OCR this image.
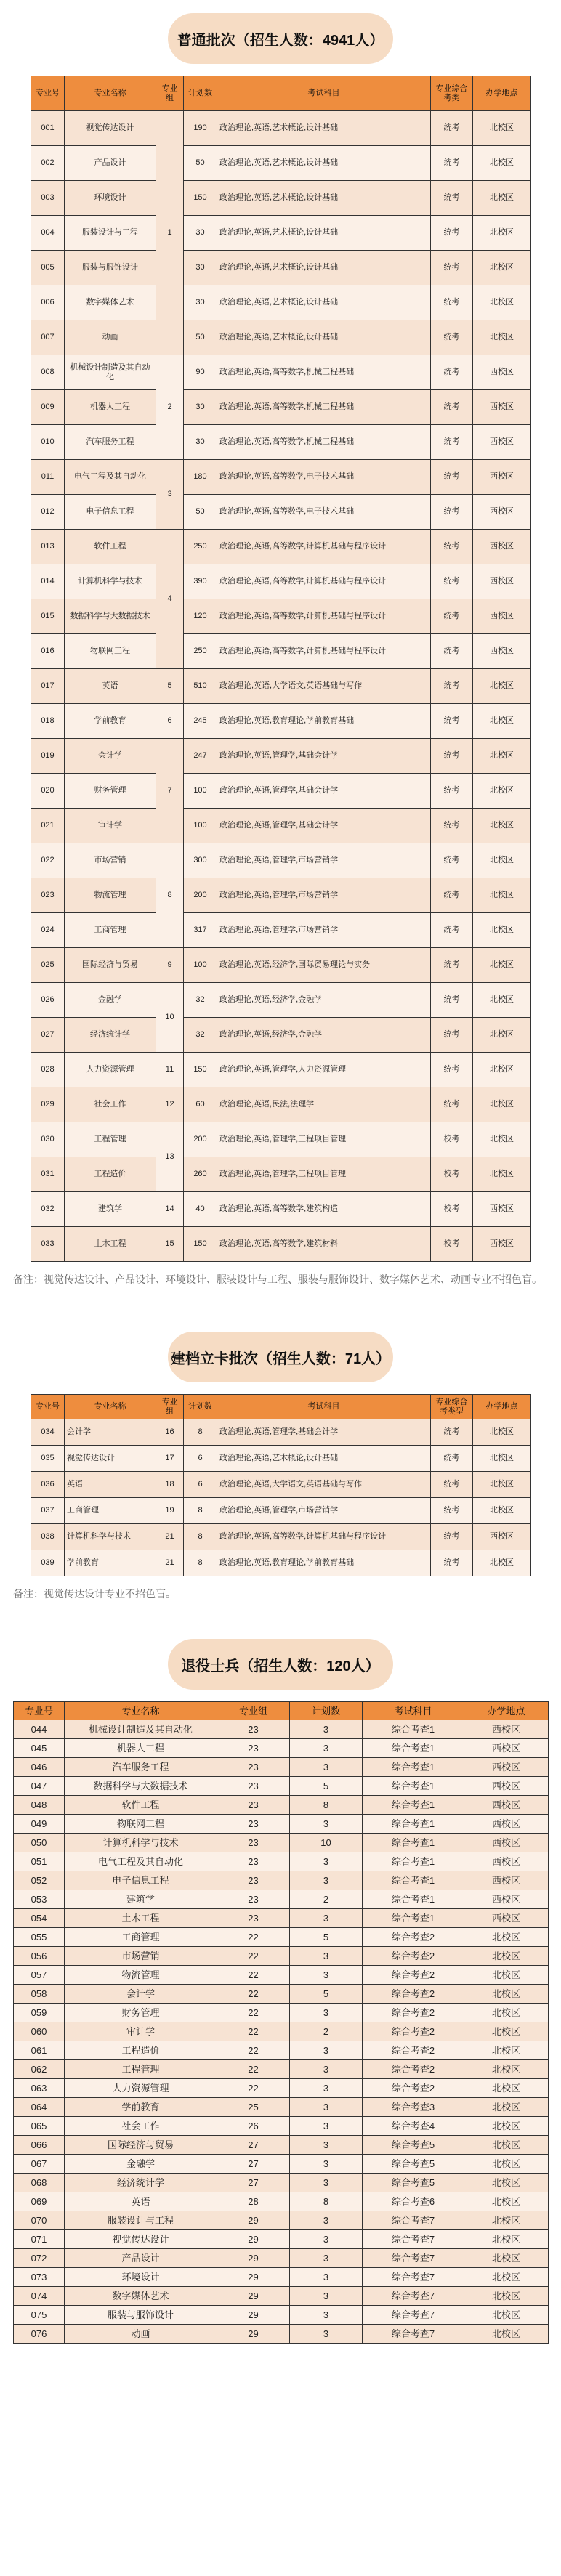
普通批次（招生人数：4941人）
专业号	专业名称	专业组	计划数	考试科目	专业综合考类	办学地点
001	视觉传达设计	1	190	政治理论,英语,艺术概论,设计基础	统考	北校区
002	产品设计		50	政治理论,英语,艺术概论,设计基础	统考	北校区
003	环境设计		150	政治理论,英语,艺术概论,设计基础	统考	北校区
004	服装设计与工程		30	政治理论,英语,艺术概论,设计基础	统考	北校区
005	服装与服饰设计		30	政治理论,英语,艺术概论,设计基础	统考	北校区
006	数字媒体艺术		30	政治理论,英语,艺术概论,设计基础	统考	北校区
007	动画		50	政治理论,英语,艺术概论,设计基础	统考	北校区
008	机械设计制造及其自动化	2	90	政治理论,英语,高等数学,机械工程基础	统考	西校区
009	机器人工程		30	政治理论,英语,高等数学,机械工程基础	统考	西校区
010	汽车服务工程		30	政治理论,英语,高等数学,机械工程基础	统考	西校区
011	电气工程及其自动化	3	180	政治理论,英语,高等数学,电子技术基础	统考	西校区
012	电子信息工程		50	政治理论,英语,高等数学,电子技术基础	统考	西校区
013	软件工程	4	250	政治理论,英语,高等数学,计算机基础与程序设计	统考	西校区
014	计算机科学与技术		390	政治理论,英语,高等数学,计算机基础与程序设计	统考	西校区
015	数据科学与大数据技术		120	政治理论,英语,高等数学,计算机基础与程序设计	统考	西校区
016	物联网工程		250	政治理论,英语,高等数学,计算机基础与程序设计	统考	西校区
017	英语	5	510	政治理论,英语,大学语文,英语基础与写作	统考	北校区
018	学前教育	6	245	政治理论,英语,教育理论,学前教育基础	统考	北校区
019	会计学	7	247	政治理论,英语,管理学,基础会计学	统考	北校区
020	财务管理		100	政治理论,英语,管理学,基础会计学	统考	北校区
021	审计学		100	政治理论,英语,管理学,基础会计学	统考	北校区
022	市场营销	8	300	政治理论,英语,管理学,市场营销学	统考	北校区
023	物流管理		200	政治理论,英语,管理学,市场营销学	统考	北校区
024	工商管理		317	政治理论,英语,管理学,市场营销学	统考	北校区
025	国际经济与贸易	9	100	政治理论,英语,经济学,国际贸易理论与实务	统考	北校区
026	金融学	10	32	政治理论,英语,经济学,金融学	统考	北校区
027	经济统计学		32	政治理论,英语,经济学,金融学	统考	北校区
028	人力资源管理	11	150	政治理论,英语,管理学,人力资源管理	统考	北校区
029	社会工作	12	60	政治理论,英语,民法,法理学	统考	北校区
030	工程管理	13	200	政治理论,英语,管理学,工程项目管理	校考	北校区
031	工程造价		260	政治理论,英语,管理学,工程项目管理	校考	北校区
032	建筑学	14	40	政治理论,英语,高等数学,建筑构造	校考	西校区
033	土木工程	15	150	政治理论,英语,高等数学,建筑材料	校考	西校区
备注：视觉传达设计、产品设计、环境设计、服装设计与工程、服装与服饰设计、数字媒体艺术、动画专业不招色盲。
建档立卡批次（招生人数：71人）
专业号	专业名称	专业组	计划数	考试科目	专业综合考类型	办学地点
034	会计学	16	8	政治理论,英语,管理学,基础会计学	统考	北校区
035	视觉传达设计	17	6	政治理论,英语,艺术概论,设计基础	统考	北校区
036	英语	18	6	政治理论,英语,大学语文,英语基础与写作	统考	北校区
037	工商管理	19	8	政治理论,英语,管理学,市场营销学	统考	北校区
038	计算机科学与技术	21	8	政治理论,英语,高等数学,计算机基础与程序设计	统考	西校区
039	学前教育	21	8	政治理论,英语,教育理论,学前教育基础	统考	北校区
备注：视觉传达设计专业不招色盲。
退役士兵（招生人数：120人）
专业号	专业名称	专业组	计划数	考试科目	办学地点
044	机械设计制造及其自动化	23	3	综合考查1	西校区
045	机器人工程	23	3	综合考查1	西校区
046	汽车服务工程	23	3	综合考查1	西校区
047	数据科学与大数据技术	23	5	综合考查1	西校区
048	软件工程	23	8	综合考查1	西校区
049	物联网工程	23	3	综合考查1	西校区
050	计算机科学与技术	23	10	综合考查1	西校区
051	电气工程及其自动化	23	3	综合考查1	西校区
052	电子信息工程	23	3	综合考查1	西校区
053	建筑学	23	2	综合考查1	西校区
054	土木工程	23	3	综合考查1	西校区
055	工商管理	22	5	综合考查2	北校区
056	市场营销	22	3	综合考查2	北校区
057	物流管理	22	3	综合考查2	北校区
058	会计学	22	5	综合考查2	北校区
059	财务管理	22	3	综合考查2	北校区
060	审计学	22	2	综合考查2	北校区
061	工程造价	22	3	综合考查2	北校区
062	工程管理	22	3	综合考查2	北校区
063	人力资源管理	22	3	综合考查2	北校区
064	学前教育	25	3	综合考查3	北校区
065	社会工作	26	3	综合考查4	北校区
066	国际经济与贸易	27	3	综合考查5	北校区
067	金融学	27	3	综合考查5	北校区
068	经济统计学	27	3	综合考查5	北校区
069	英语	28	8	综合考查6	北校区
070	服装设计与工程	29	3	综合考查7	北校区
071	视觉传达设计	29	3	综合考查7	北校区
072	产品设计	29	3	综合考查7	北校区
073	环境设计	29	3	综合考查7	北校区
074	数字媒体艺术	29	3	综合考查7	北校区
075	服装与服饰设计	29	3	综合考查7	北校区
076	动画	29	3	综合考查7	北校区
